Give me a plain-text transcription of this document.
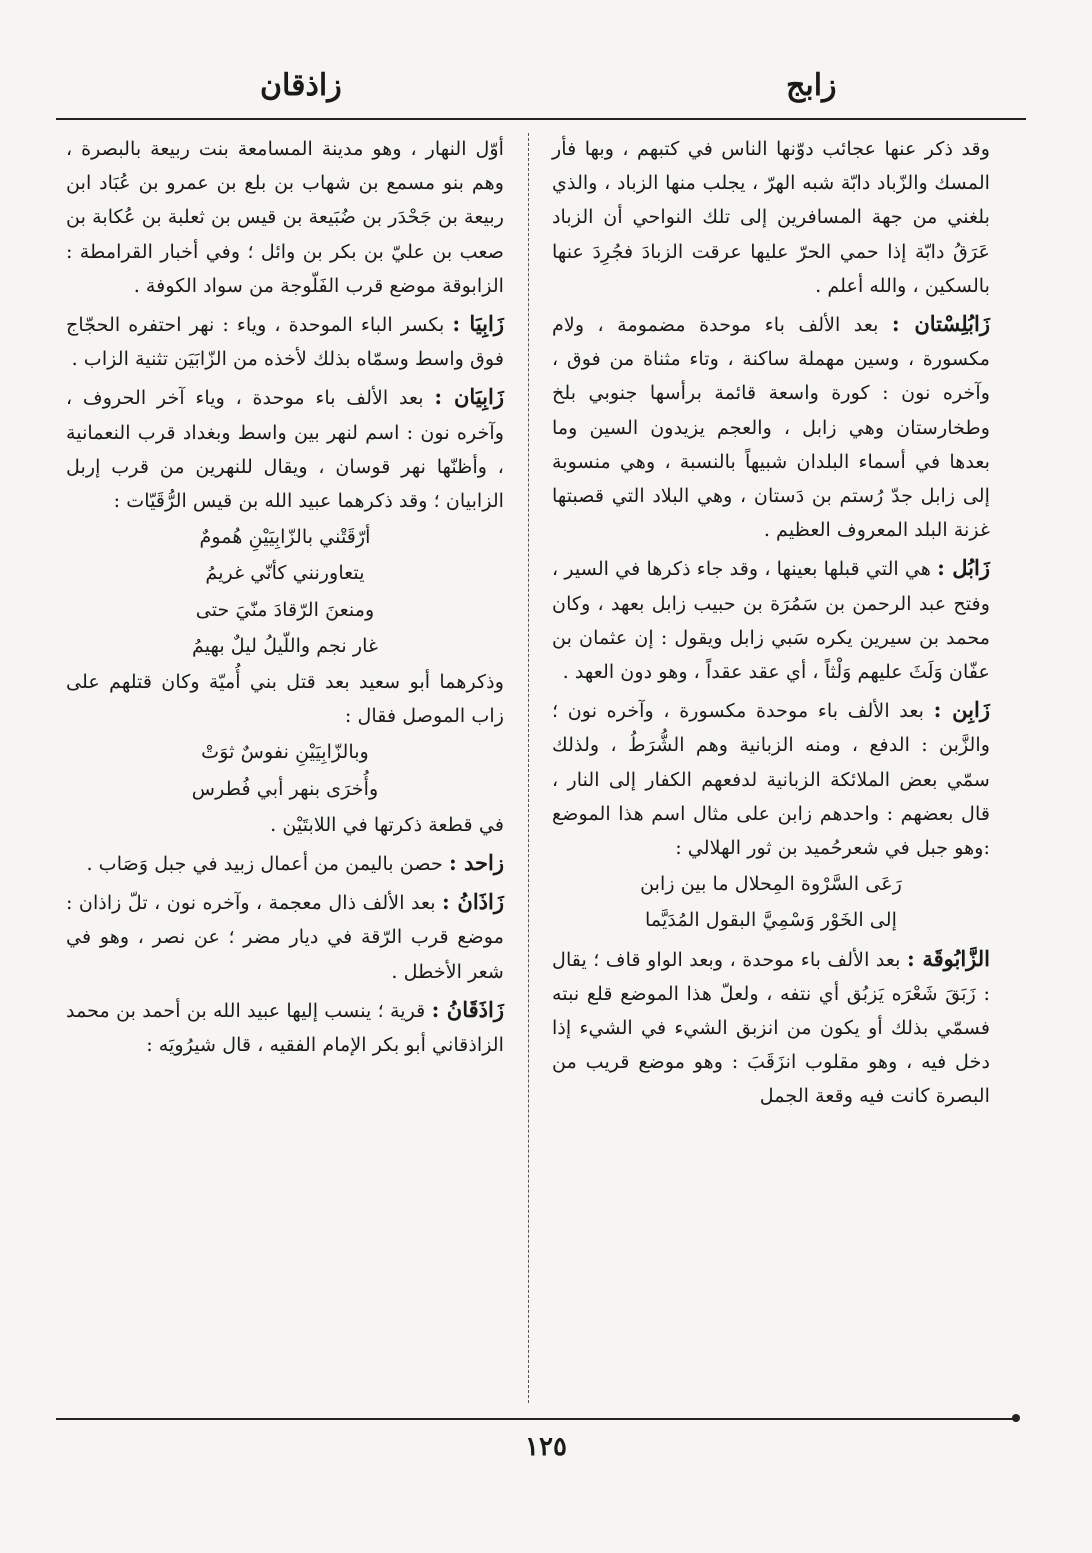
زاذقان	زابج

وقد ذكر عنها عجائب دوّنها الناس في كتبهم ، وبها فأر المسك والزّباد دابّة شبه الهرّ ، يجلب منها الزباد ، والذي بلغني من جهة المسافرين إلى تلك النواحي أن الزباد عَرَقُ دابّة إذا حمي الحرّ عليها عرقت الزبادَ فجُرِدَ عنها بالسكين ، والله أعلم .

زَابُلِسْتان : بعد الألف باء موحدة مضمومة ، ولام مكسورة ، وسين مهملة ساكنة ، وتاء مثناة من فوق ، وآخره نون : كورة واسعة قائمة برأسها جنوبي بلخ وطخارستان وهي زابل ، والعجم يزيدون السين وما بعدها في أسماء البلدان شبيهاً بالنسبة ، وهي منسوبة إلى زابل جدّ رُستم بن دَستان ، وهي البلاد التي قصبتها غزنة البلد المعروف العظيم .

زَابُل : هي التي قبلها بعينها ، وقد جاء ذكرها في السير ، وفتح عبد الرحمن بن سَمُرَة بن حبيب زابل بعهد ، وكان محمد بن سيرين يكره سَبي زابل ويقول : إن عثمان بن عفّان وَلَثَ عليهم وَلْثاً ، أي عقد عقداً ، وهو دون العهد .

زَابِن : بعد الألف باء موحدة مكسورة ، وآخره نون ؛ والزَّبن : الدفع ، ومنه الزبانية وهم الشُّرَطُ ، ولذلك سمّي بعض الملائكة الزبانية لدفعهم الكفار إلى النار ، قال بعضهم : واحدهم زابن على مثال اسم هذا الموضع :وهو جبل في شعرحُميد بن ثور الهلالي :
رَعَى السَّرْوة المِحلال ما بين زابن
إلى الخَوْر وَسْمِيَّ البقول المُدَيَّما

الزَّابُوقَة : بعد الألف باء موحدة ، وبعد الواو قاف ؛ يقال : زَبَقَ شَعْرَه يَزبُق أي نتفه ، ولعلّ هذا الموضع قلع نبته فسمّي بذلك أو يكون من انزبق الشيء في الشيء إذا دخل فيه ، وهو مقلوب انزَقَبَ : وهو موضع قريب من البصرة كانت فيه وقعة الجمل

أوّل النهار ، وهو مدينة المسامعة بنت ربيعة بالبصرة ، وهم بنو مسمع بن شهاب بن بلع بن عمرو بن عُبَاد ابن ربيعة بن جَحْدَر بن ضُبَيعة بن قيس بن ثعلبة بن عُكابة بن صعب بن عليّ بن بكر بن وائل ؛ وفي أخبار القرامطة : الزابوقة موضع قرب الفَلّوجة من سواد الكوفة .

زَابِيَا : بكسر الباء الموحدة ، وياء : نهر احتفره الحجّاج فوق واسط وسمّاه بذلك لأخذه من الزّابَيَن تثنية الزاب .

زَابِيَان : بعد الألف باء موحدة ، وياء آخر الحروف ، وآخره نون : اسم لنهر بين واسط وبغداد قرب النعمانية ، وأظنّها نهر قوسان ، ويقال للنهرين من قرب إربل الزابيان ؛ وقد ذكرهما عبيد الله بن قيس الرُّقَيّات :
أرّقَتْني بالزّابِيَيْنِ هُمومٌ
يتعاورنني كأنّي غريمُ
ومنعنَ الرّقادَ منّيَ حتى
غار نجم واللّيلُ ليلٌ بهيمُ
وذكرهما أبو سعيد بعد قتل بني أُميّة وكان قتلهم على زاب الموصل فقال :
وبالزّابِيَيْنِ نفوسٌ ثوَتْ
وأُخرَى بنهر أبي فُطرس
في قطعة ذكرتها في اللابتَيْن .

زاحد : حصن باليمن من أعمال زبيد في جبل وَصَاب .

زَاذَانُ : بعد الألف ذال معجمة ، وآخره نون ، تلّ زاذان : موضع قرب الرّقة في ديار مضر ؛ عن نصر ، وهو في شعر الأخطل .

زَاذَقَانُ : قرية ؛ ينسب إليها عبيد الله بن أحمد بن محمد الزاذقاني أبو بكر الإمام الفقيه ، قال شيرُويَه :

١٢٥
